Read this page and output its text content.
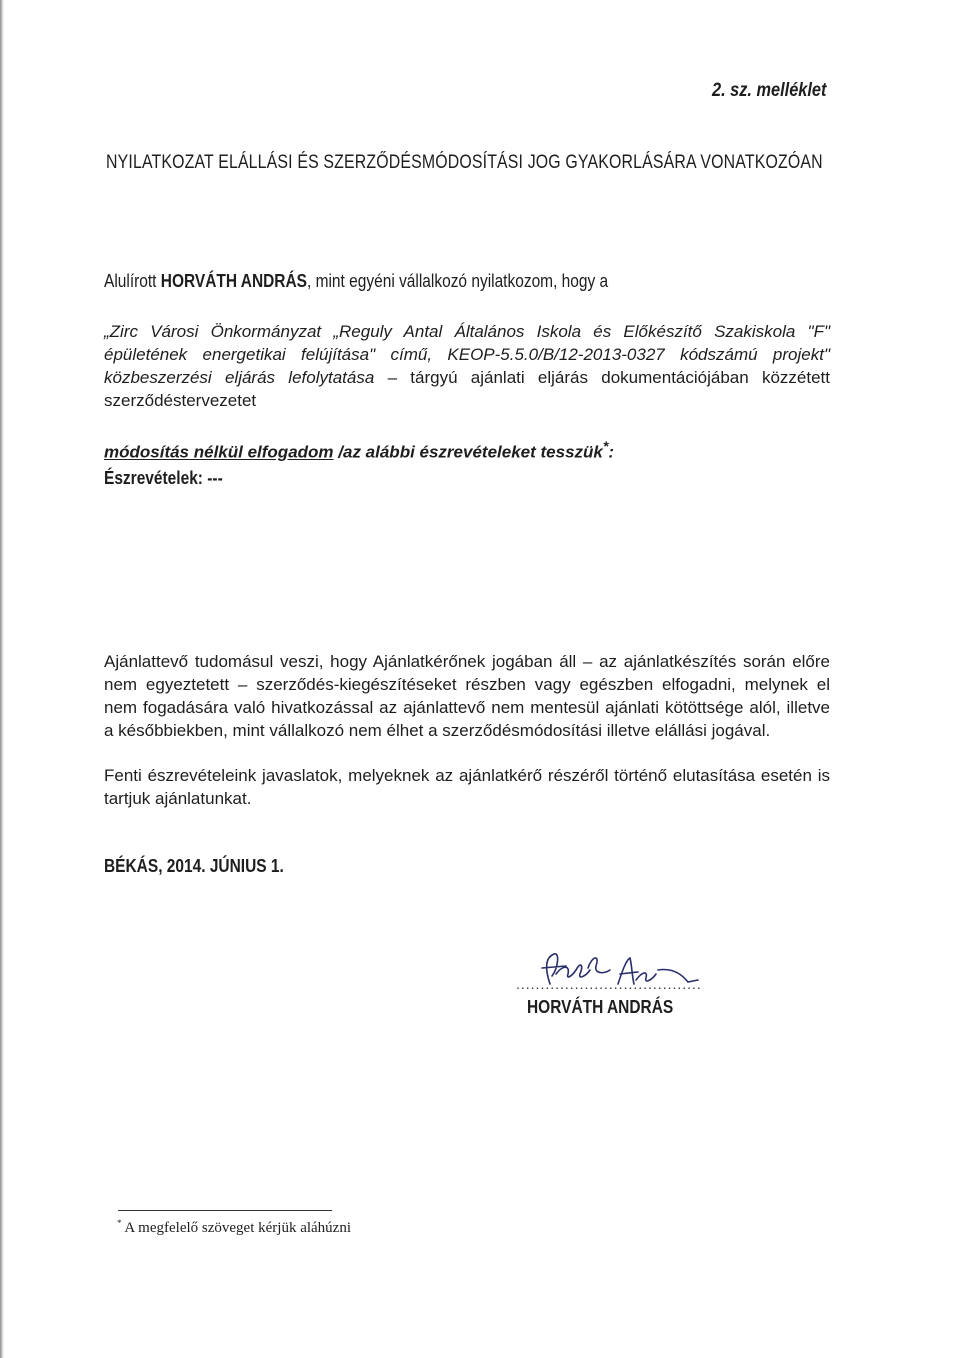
2. sz. melléklet
NYILATKOZAT ELÁLLÁSI ÉS SZERZŐDÉSMÓDOSÍTÁSI JOG GYAKORLÁSÁRA VONATKOZÓAN
Alulírott HORVÁTH ANDRÁS, mint egyéni vállalkozó nyilatkozom, hogy a
„Zirc Városi Önkormányzat „Reguly Antal Általános Iskola és Előkészítő Szakiskola "F" épületének energetikai felújítása" című, KEOP-5.5.0/B/12-2013-0327 kódszámú projekt" közbeszerzési eljárás lefolytatása – tárgyú ajánlati eljárás dokumentációjában közzétett szerződéstervezetet
módosítás nélkül elfogadom /az alábbi észrevételeket tesszük*:
Észrevételek: ---
Ajánlattevő tudomásul veszi, hogy Ajánlatkérőnek jogában áll – az ajánlatkészítés során előre nem egyeztetett – szerződés-kiegészítéseket részben vagy egészben elfogadni, melynek el nem fogadására való hivatkozással az ajánlattevő nem mentesül ajánlati kötöttsége alól, illetve a későbbiekben, mint vállalkozó nem élhet a szerződésmódosítási illetve elállási jogával.
Fenti észrevételeink javaslatok, melyeknek az ajánlatkérő részéről történő elutasítása esetén is tartjuk ajánlatunkat.
BÉKÁS, 2014. JÚNIUS 1.
......................................
HORVÁTH ANDRÁS
* A megfelelő szöveget kérjük aláhúzni
